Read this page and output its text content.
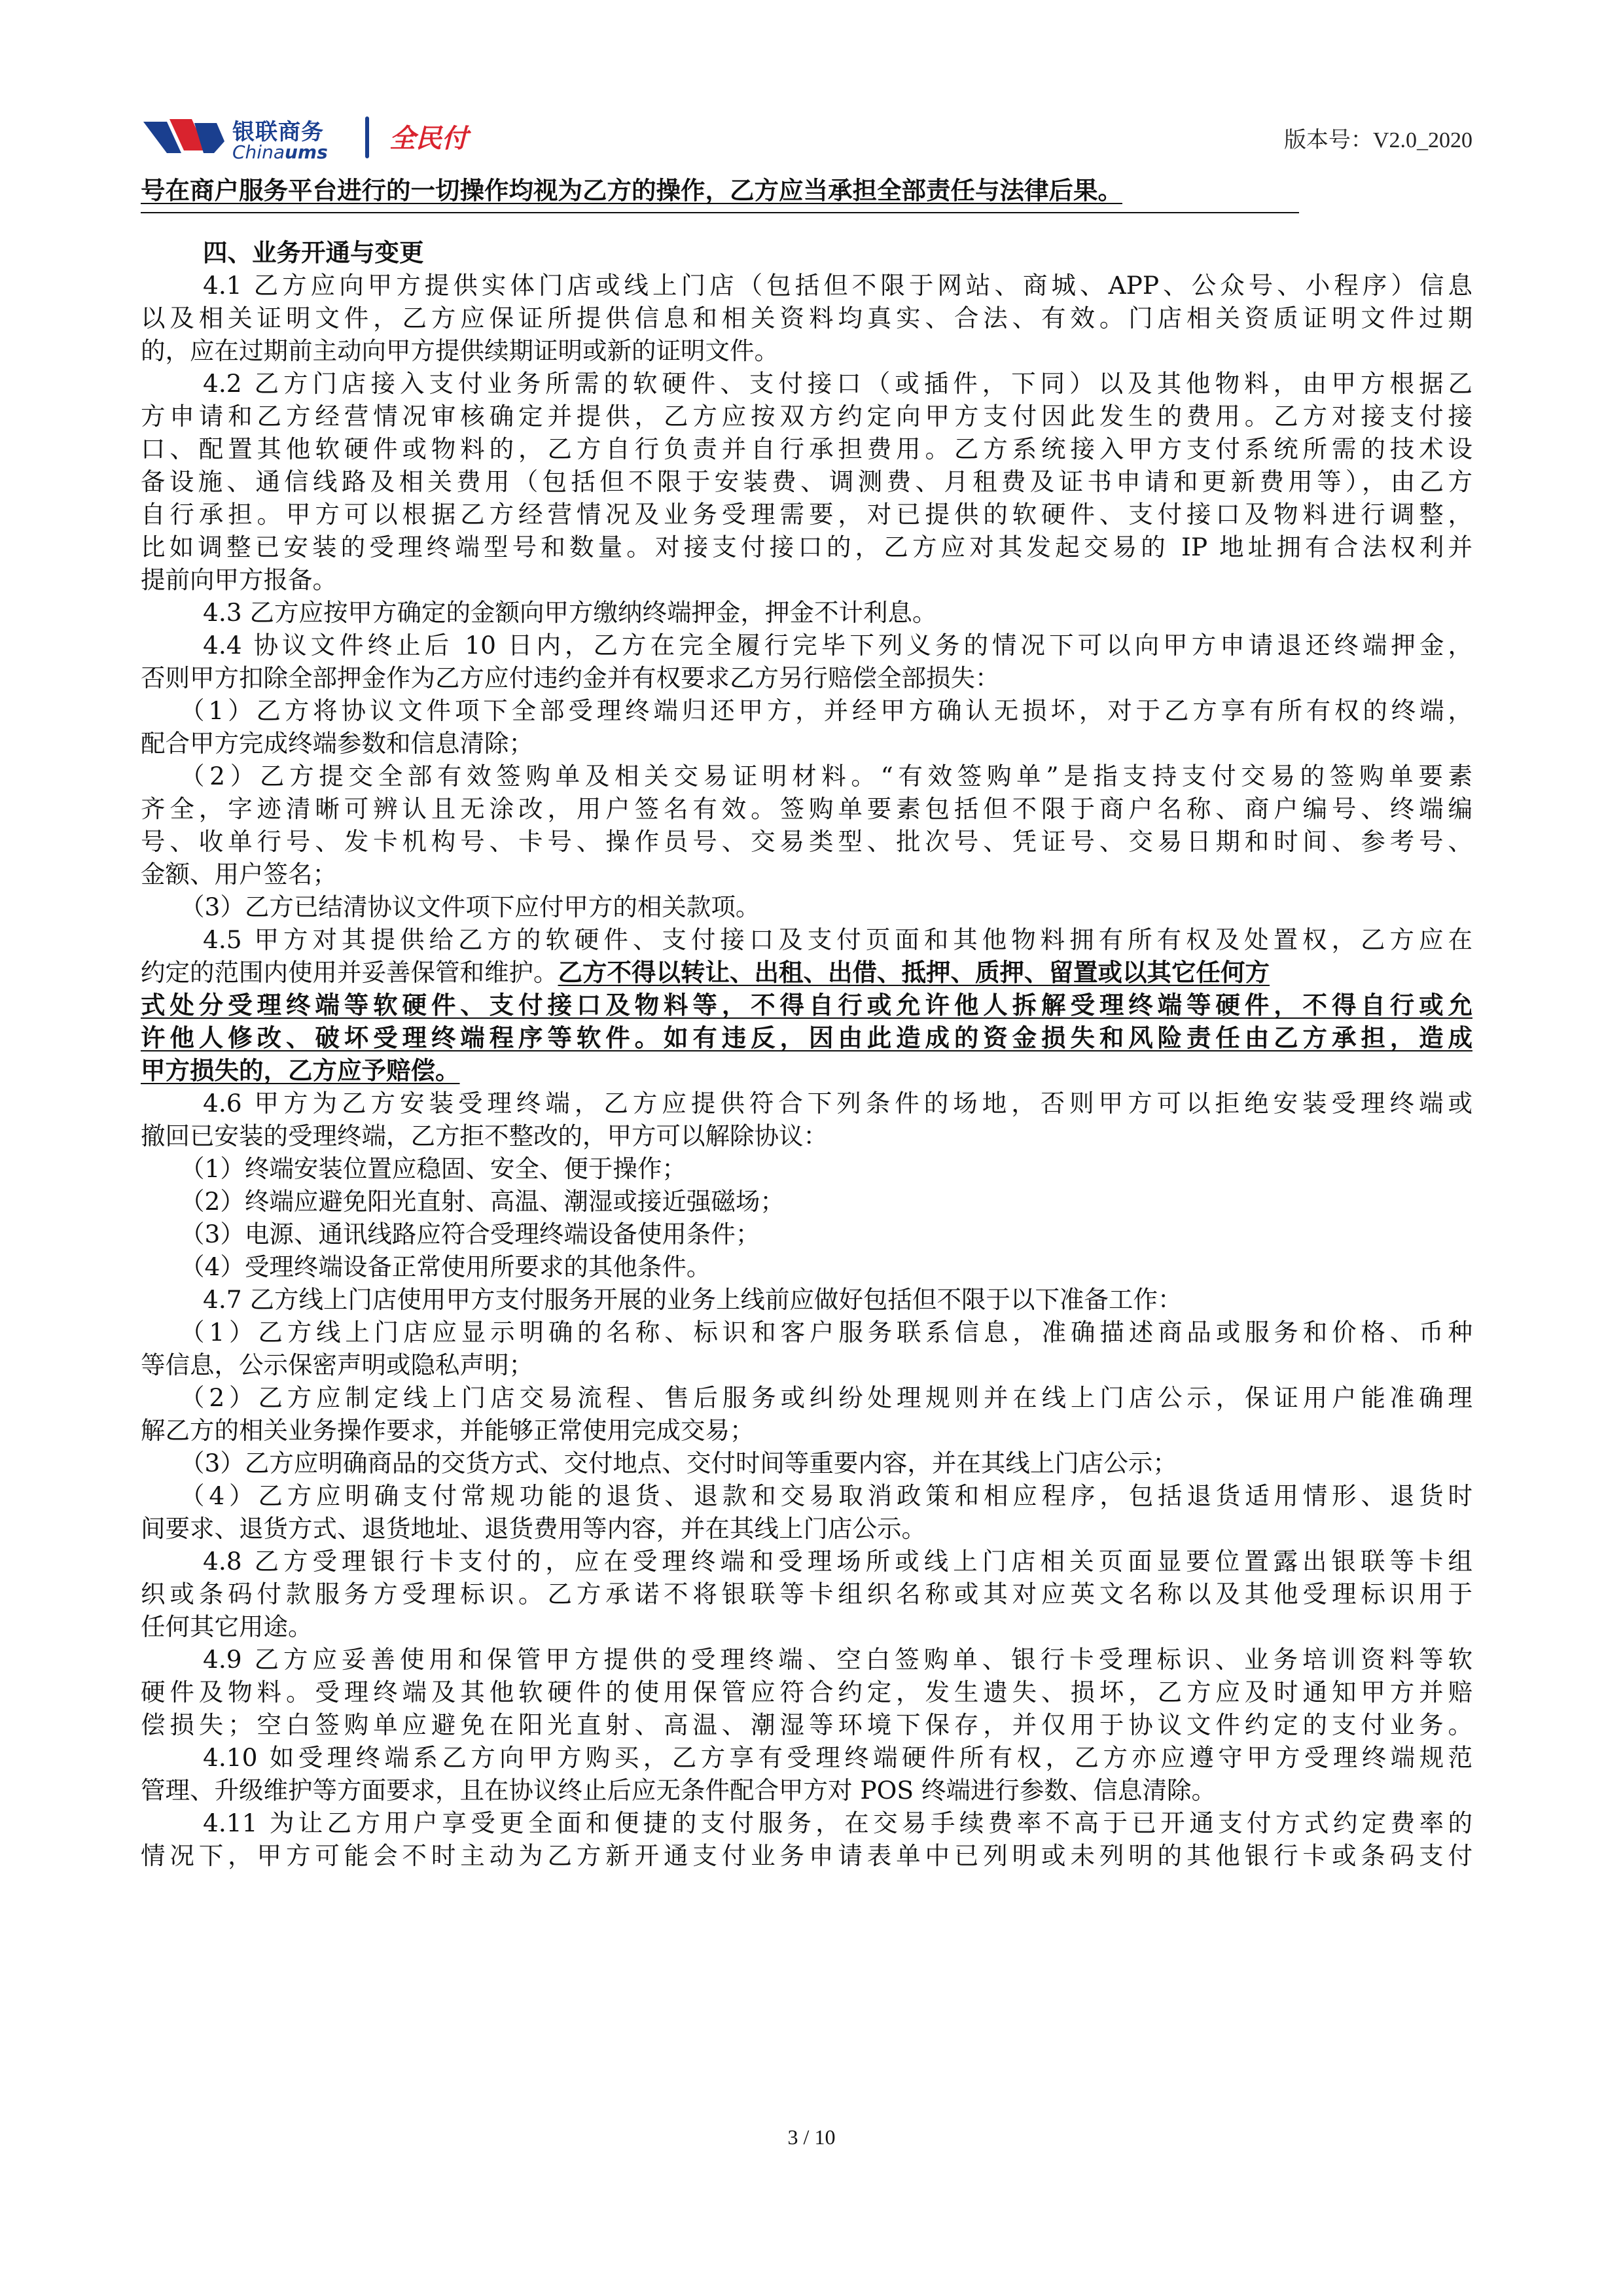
银联商务
Chinaums 全民付	版本号：V2.0_2020
号在商户服务平台进行的一切操作均视为乙方的操作，乙方应当承担全部责任与法律后果。
四、业务开通与变更
4.1 乙方应向甲方提供实体门店或线上门店（包括但不限于网站、商城、APP、公众号、小程序）信息
以及相关证明文件，乙方应保证所提供信息和相关资料均真实、合法、有效。门店相关资质证明文件过期
的，应在过期前主动向甲方提供续期证明或新的证明文件。
4.2 乙方门店接入支付业务所需的软硬件、支付接口（或插件，下同）以及其他物料，由甲方根据乙
方申请和乙方经营情况审核确定并提供，乙方应按双方约定向甲方支付因此发生的费用。乙方对接支付接
口、配置其他软硬件或物料的，乙方自行负责并自行承担费用。乙方系统接入甲方支付系统所需的技术设
备设施、通信线路及相关费用（包括但不限于安装费、调测费、月租费及证书申请和更新费用等），由乙方
自行承担。甲方可以根据乙方经营情况及业务受理需要，对已提供的软硬件、支付接口及物料进行调整，
比如调整已安装的受理终端型号和数量。对接支付接口的，乙方应对其发起交易的 IP 地址拥有合法权利并
提前向甲方报备。
4.3 乙方应按甲方确定的金额向甲方缴纳终端押金，押金不计利息。
4.4 协议文件终止后 10 日内，乙方在完全履行完毕下列义务的情况下可以向甲方申请退还终端押金，
否则甲方扣除全部押金作为乙方应付违约金并有权要求乙方另行赔偿全部损失：
（1）乙方将协议文件项下全部受理终端归还甲方，并经甲方确认无损坏，对于乙方享有所有权的终端，
配合甲方完成终端参数和信息清除；
（2）乙方提交全部有效签购单及相关交易证明材料。“有效签购单”是指支持支付交易的签购单要素
齐全，字迹清晰可辨认且无涂改，用户签名有效。签购单要素包括但不限于商户名称、商户编号、终端编
号、收单行号、发卡机构号、卡号、操作员号、交易类型、批次号、凭证号、交易日期和时间、参考号、
金额、用户签名；
（3）乙方已结清协议文件项下应付甲方的相关款项。
4.5 甲方对其提供给乙方的软硬件、支付接口及支付页面和其他物料拥有所有权及处置权，乙方应在
约定的范围内使用并妥善保管和维护。乙方不得以转让、出租、出借、抵押、质押、留置或以其它任何方
式处分受理终端等软硬件、支付接口及物料等，不得自行或允许他人拆解受理终端等硬件，不得自行或允
许他人修改、破坏受理终端程序等软件。如有违反，因由此造成的资金损失和风险责任由乙方承担，造成
甲方损失的，乙方应予赔偿。
4.6 甲方为乙方安装受理终端，乙方应提供符合下列条件的场地，否则甲方可以拒绝安装受理终端或
撤回已安装的受理终端，乙方拒不整改的，甲方可以解除协议：
（1）终端安装位置应稳固、安全、便于操作；
（2）终端应避免阳光直射、高温、潮湿或接近强磁场；
（3）电源、通讯线路应符合受理终端设备使用条件；
（4）受理终端设备正常使用所要求的其他条件。
4.7 乙方线上门店使用甲方支付服务开展的业务上线前应做好包括但不限于以下准备工作：
（1）乙方线上门店应显示明确的名称、标识和客户服务联系信息，准确描述商品或服务和价格、币种
等信息，公示保密声明或隐私声明；
（2）乙方应制定线上门店交易流程、售后服务或纠纷处理规则并在线上门店公示，保证用户能准确理
解乙方的相关业务操作要求，并能够正常使用完成交易；
（3）乙方应明确商品的交货方式、交付地点、交付时间等重要内容，并在其线上门店公示；
（4）乙方应明确支付常规功能的退货、退款和交易取消政策和相应程序，包括退货适用情形、退货时
间要求、退货方式、退货地址、退货费用等内容，并在其线上门店公示。
4.8 乙方受理银行卡支付的，应在受理终端和受理场所或线上门店相关页面显要位置露出银联等卡组
织或条码付款服务方受理标识。乙方承诺不将银联等卡组织名称或其对应英文名称以及其他受理标识用于
任何其它用途。
4.9 乙方应妥善使用和保管甲方提供的受理终端、空白签购单、银行卡受理标识、业务培训资料等软
硬件及物料。受理终端及其他软硬件的使用保管应符合约定，发生遗失、损坏，乙方应及时通知甲方并赔
偿损失；空白签购单应避免在阳光直射、高温、潮湿等环境下保存，并仅用于协议文件约定的支付业务。
4.10 如受理终端系乙方向甲方购买，乙方享有受理终端硬件所有权，乙方亦应遵守甲方受理终端规范
管理、升级维护等方面要求，且在协议终止后应无条件配合甲方对 POS 终端进行参数、信息清除。
4.11 为让乙方用户享受更全面和便捷的支付服务，在交易手续费率不高于已开通支付方式约定费率的
情况下，甲方可能会不时主动为乙方新开通支付业务申请表单中已列明或未列明的其他银行卡或条码支付
3 / 10
